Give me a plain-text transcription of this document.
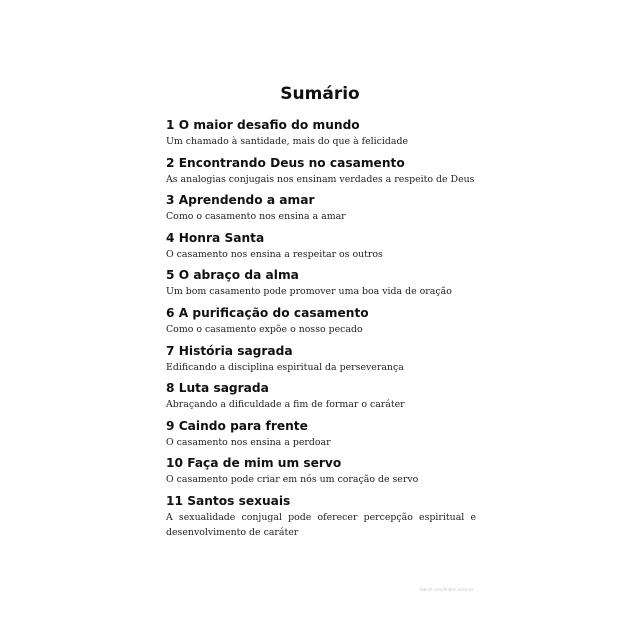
Sumário
1 O maior desafio do mundo
Um chamado à santidade, mais do que à felicidade
2 Encontrando Deus no casamento
As analogias conjugais nos ensinam verdades a respeito de Deus
3 Aprendendo a amar
Como o casamento nos ensina a amar
4 Honra Santa
O casamento nos ensina a respeitar os outros
5 O abraço da alma
Um bom casamento pode promover uma boa vida de oração
6 A purificação do casamento
Como o casamento expõe o nosso pecado
7 História sagrada
Edificando a disciplina espiritual da perseverança
8 Luta sagrada
Abraçando a dificuldade a fim de formar o caráter
9 Caindo para frente
O casamento nos ensina a perdoar
10 Faça de mim um servo
O casamento pode criar em nós um coração de servo
11 Santos sexuais
A sexualidade conjugal pode oferecer percepção espiritual e desenvolvimento de caráter
Rakim.com/fintkm.amar.ks
